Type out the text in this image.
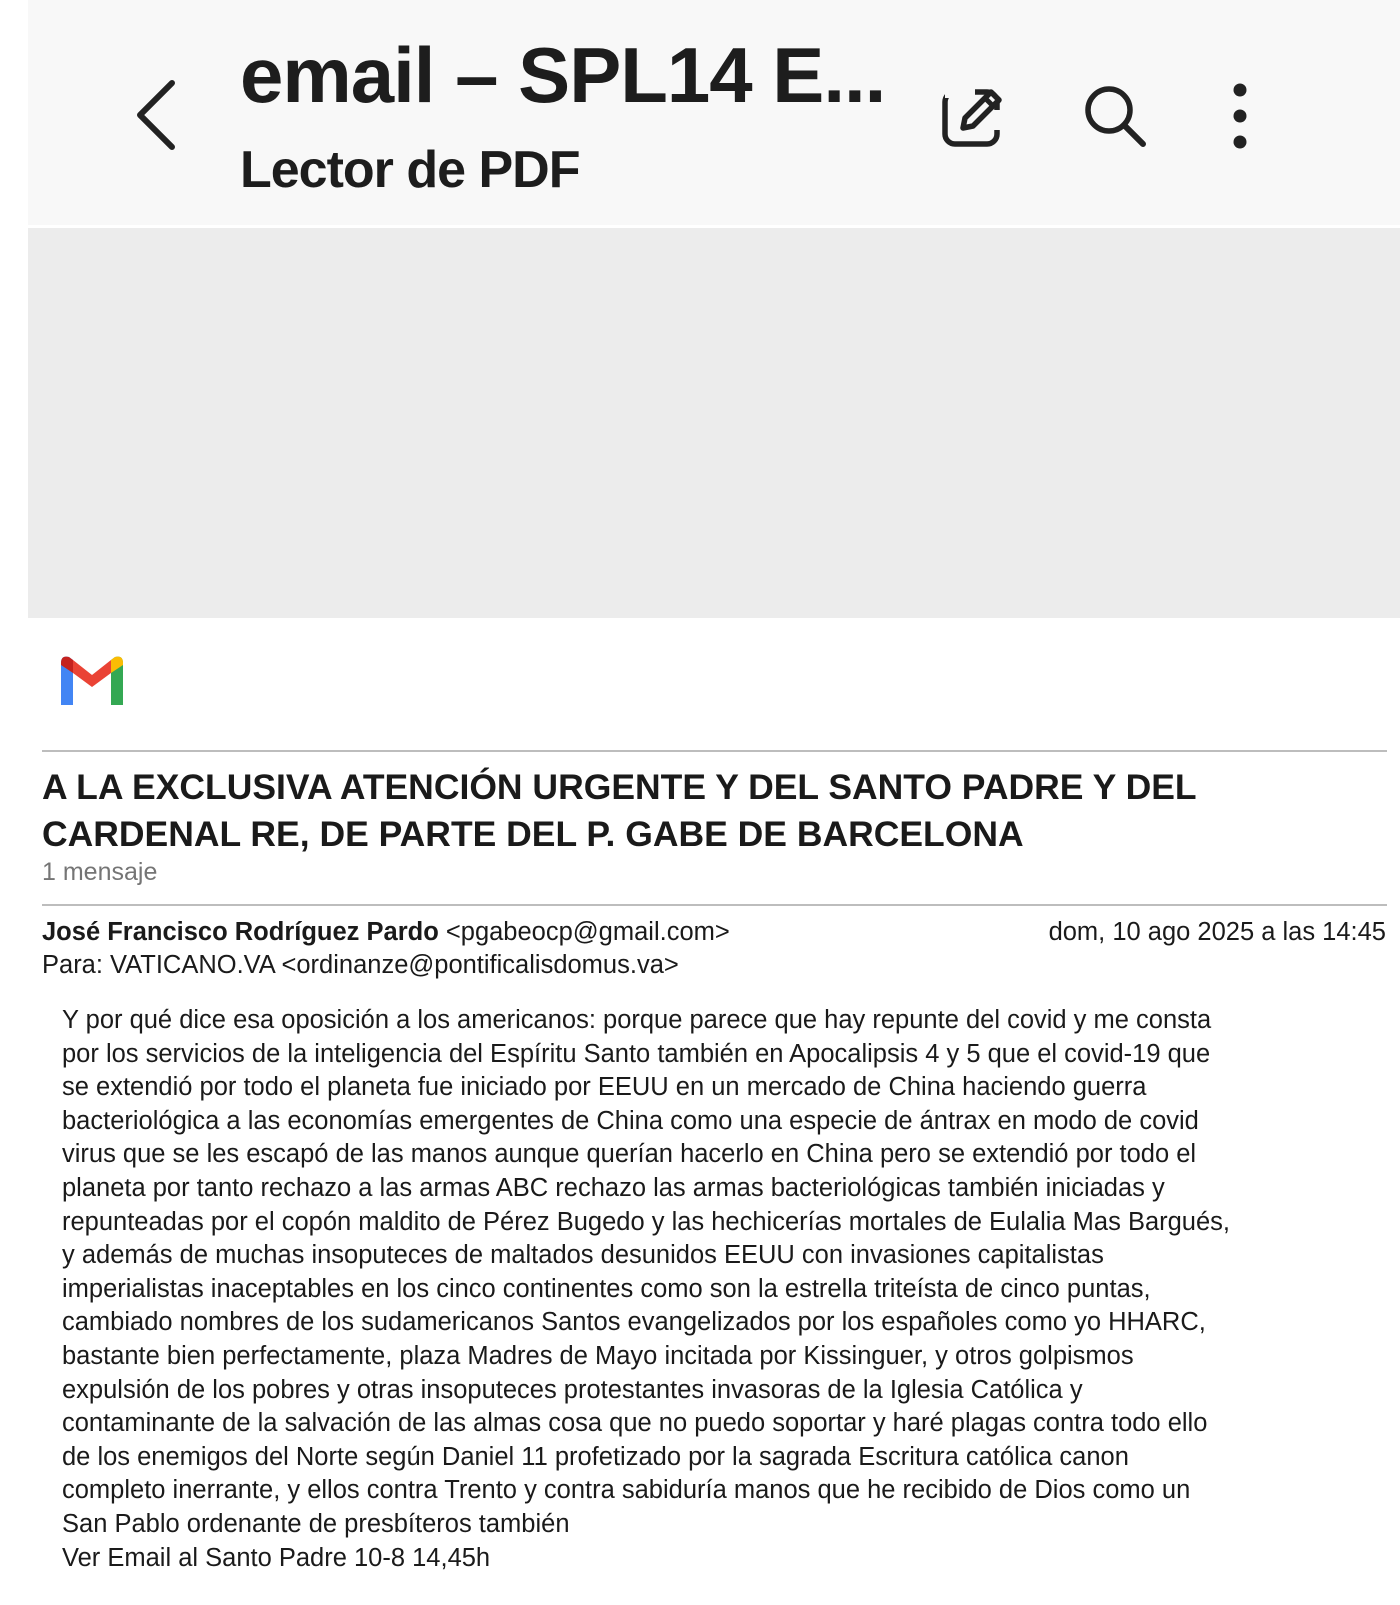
email – SPL14 E...
Lector de PDF
A LA EXCLUSIVA ATENCIÓN URGENTE Y DEL SANTO PADRE Y DEL
CARDENAL RE, DE PARTE DEL P. GABE DE BARCELONA
1 mensaje
José Francisco Rodríguez Pardo <pgabeocp@gmail.com>	dom, 10 ago 2025 a las 14:45
Para: VATICANO.VA <ordinanze@pontificalisdomus.va>
Y por qué dice esa oposición a los americanos: porque parece que hay repunte del covid y me consta
por los servicios de la inteligencia del Espíritu Santo también en Apocalipsis 4 y 5 que el covid-19 que
se extendió por todo el planeta fue iniciado por EEUU en un mercado de China haciendo guerra
bacteriológica a las economías emergentes de China como una especie de ántrax en modo de covid
virus que se les escapó de las manos aunque querían hacerlo en China pero se extendió por todo el
planeta por tanto rechazo a las armas ABC rechazo las armas bacteriológicas también iniciadas y
repunteadas por el copón maldito de Pérez Bugedo y las hechicerías mortales de Eulalia Mas Bargués,
y además de muchas insoputeces de maltados desunidos EEUU con invasiones capitalistas
imperialistas inaceptables en los cinco continentes como son la estrella triteísta de cinco puntas,
cambiado nombres de los sudamericanos Santos evangelizados por los españoles como yo HHARC,
bastante bien perfectamente, plaza Madres de Mayo incitada por Kissinguer, y otros golpismos
expulsión de los pobres y otras insoputeces protestantes invasoras de la Iglesia Católica y
contaminante de la salvación de las almas cosa que no puedo soportar y haré plagas contra todo ello
de los enemigos del Norte según Daniel 11 profetizado por la sagrada Escritura católica canon
completo inerrante, y ellos contra Trento y contra sabiduría manos que he recibido de Dios como un
San Pablo ordenante de presbíteros también
Ver Email al Santo Padre 10-8 14,45h
